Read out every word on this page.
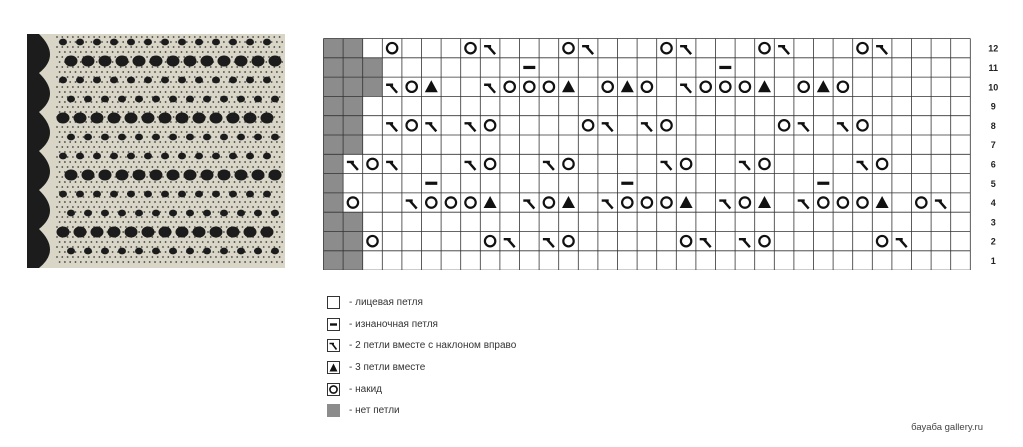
1
2
3
4
5
6
7
8
9
10
11
12
- лицевая петля
- изнаночная петля
- 2 петли вместе с наклоном вправо
- 3 петли вместе
- накид
- нет петли
бауаба gallery.ru
